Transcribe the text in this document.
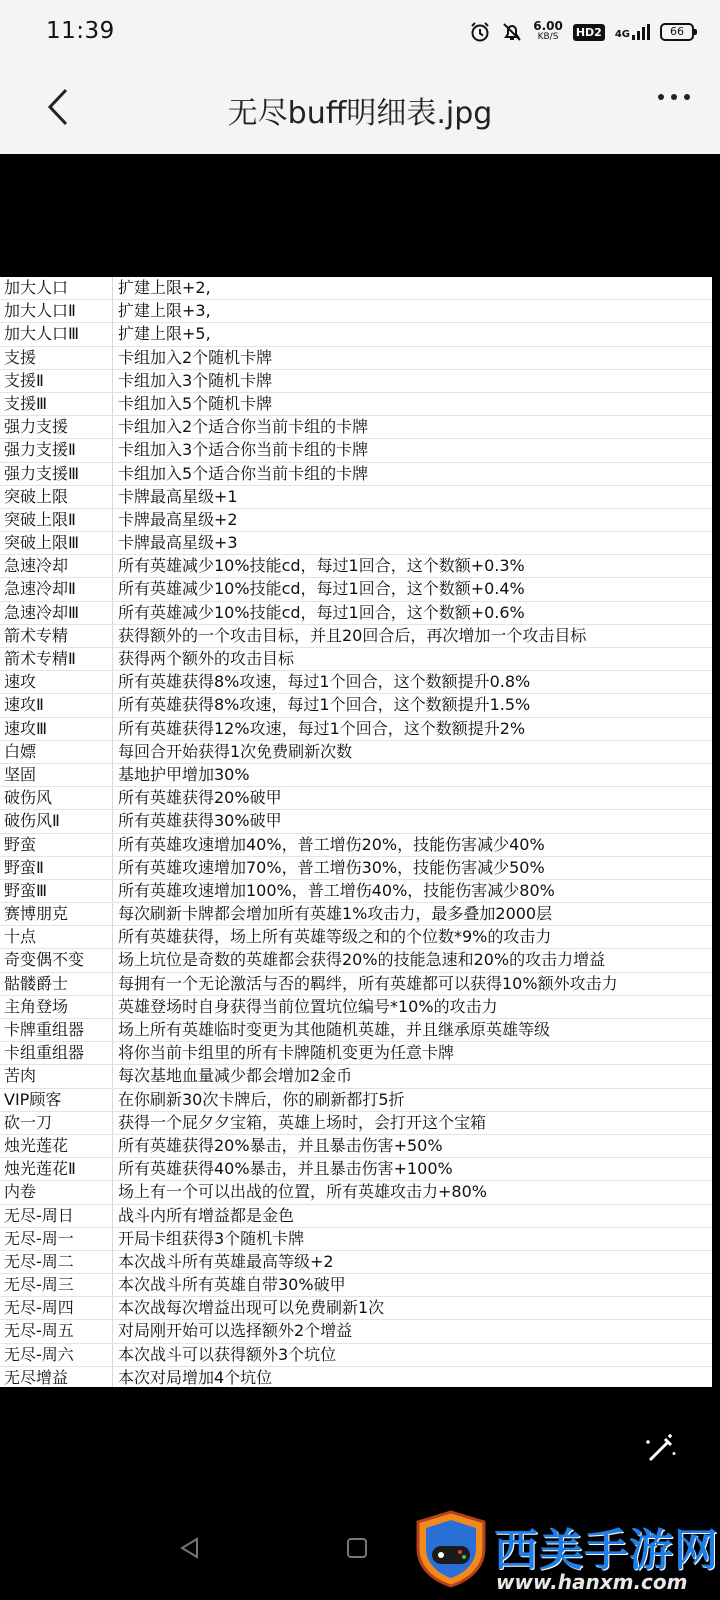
11:39	6.00
KB/S HD2	4G	66
无尽buff明细表.jpg
加大人口	扩建上限+2,
加大人口Ⅱ	扩建上限+3,
加大人口Ⅲ	扩建上限+5,
支援	卡组加入2个随机卡牌
支援Ⅱ	卡组加入3个随机卡牌
支援Ⅲ	卡组加入5个随机卡牌
强力支援	卡组加入2个适合你当前卡组的卡牌
强力支援Ⅱ	卡组加入3个适合你当前卡组的卡牌
强力支援Ⅲ	卡组加入5个适合你当前卡组的卡牌
突破上限	卡牌最高星级+1
突破上限Ⅱ	卡牌最高星级+2
突破上限Ⅲ	卡牌最高星级+3
急速冷却	所有英雄减少10%技能cd，每过1回合，这个数额+0.3%
急速冷却Ⅱ	所有英雄减少10%技能cd，每过1回合，这个数额+0.4%
急速冷却Ⅲ	所有英雄减少10%技能cd，每过1回合，这个数额+0.6%
箭术专精	获得额外的一个攻击目标，并且20回合后，再次增加一个攻击目标
箭术专精Ⅱ	获得两个额外的攻击目标
速攻	所有英雄获得8%攻速，每过1个回合，这个数额提升0.8%
速攻Ⅱ	所有英雄获得8%攻速，每过1个回合，这个数额提升1.5%
速攻Ⅲ	所有英雄获得12%攻速，每过1个回合，这个数额提升2%
白嫖	每回合开始获得1次免费刷新次数
坚固	基地护甲增加30%
破伤风	所有英雄获得20%破甲
破伤风Ⅱ	所有英雄获得30%破甲
野蛮	所有英雄攻速增加40%，普工增伤20%，技能伤害减少40%
野蛮Ⅱ	所有英雄攻速增加70%，普工增伤30%，技能伤害减少50%
野蛮Ⅲ	所有英雄攻速增加100%，普工增伤40%，技能伤害减少80%
赛博朋克	每次刷新卡牌都会增加所有英雄1%攻击力，最多叠加2000层
十点	所有英雄获得，场上所有英雄等级之和的个位数*9%的攻击力
奇变偶不变	场上坑位是奇数的英雄都会获得20%的技能急速和20%的攻击力增益
骷髅爵士	每拥有一个无论激活与否的羁绊，所有英雄都可以获得10%额外攻击力
主角登场	英雄登场时自身获得当前位置坑位编号*10%的攻击力
卡牌重组器	场上所有英雄临时变更为其他随机英雄，并且继承原英雄等级
卡组重组器	将你当前卡组里的所有卡牌随机变更为任意卡牌
苦肉	每次基地血量减少都会增加2金币
VIP顾客	在你刷新30次卡牌后，你的刷新都打5折
砍一刀	获得一个屁夕夕宝箱，英雄上场时，会打开这个宝箱
烛光莲花	所有英雄获得20%暴击，并且暴击伤害+50%
烛光莲花Ⅱ	所有英雄获得40%暴击，并且暴击伤害+100%
内卷	场上有一个可以出战的位置，所有英雄攻击力+80%
无尽-周日	战斗内所有增益都是金色
无尽-周一	开局卡组获得3个随机卡牌
无尽-周二	本次战斗所有英雄最高等级+2
无尽-周三	本次战斗所有英雄自带30%破甲
无尽-周四	本次战每次增益出现可以免费刷新1次
无尽-周五	对局刚开始可以选择额外2个增益
无尽-周六	本次战斗可以获得额外3个坑位
无尽增益	本次对局增加4个坑位
西美手游网
www.hanxm.com
